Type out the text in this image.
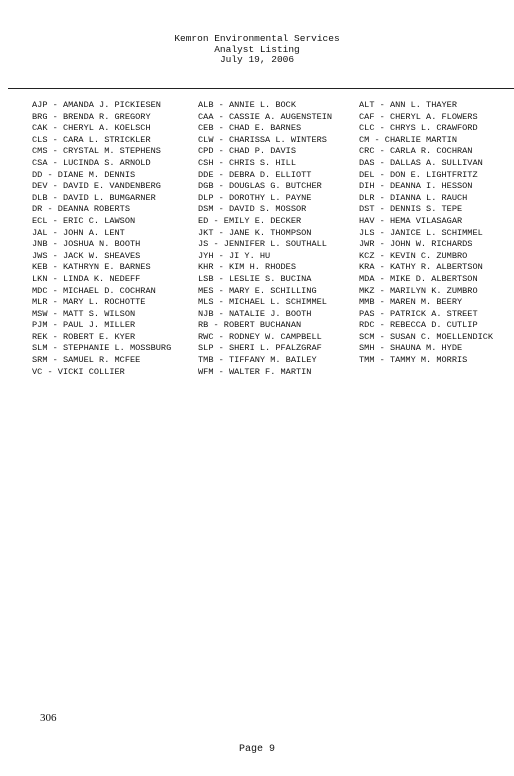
Kemron Environmental Services
Analyst Listing
July 19, 2006
AJP - AMANDA J. PICKIESEN
BRG - BRENDA R. GREGORY
CAK - CHERYL A. KOELSCH
CLS - CARA L. STRICKLER
CMS - CRYSTAL M. STEPHENS
CSA - LUCINDA S. ARNOLD
DD - DIANE M. DENNIS
DEV - DAVID E. VANDENBERG
DLB - DAVID L. BUMGARNER
DR - DEANNA ROBERTS
ECL - ERIC C. LAWSON
JAL - JOHN A. LENT
JNB - JOSHUA N. BOOTH
JWS - JACK W. SHEAVES
KEB - KATHRYN E. BARNES
LKN - LINDA K. NEDEFF
MDC - MICHAEL D. COCHRAN
MLR - MARY L. ROCHOTTE
MSW - MATT S. WILSON
PJM - PAUL J. MILLER
REK - ROBERT E. KYER
SLM - STEPHANIE L. MOSSBURG
SRM - SAMUEL R. MCFEE
VC - VICKI COLLIER
ALB - ANNIE L. BOCK
CAA - CASSIE A. AUGENSTEIN
CEB - CHAD E. BARNES
CLW - CHARISSA L. WINTERS
CPD - CHAD P. DAVIS
CSH - CHRIS S. HILL
DDE - DEBRA D. ELLIOTT
DGB - DOUGLAS G. BUTCHER
DLP - DOROTHY L. PAYNE
DSM - DAVID S. MOSSOR
ED - EMILY E. DECKER
JKT - JANE K. THOMPSON
JS - JENNIFER L. SOUTHALL
JYH - JI Y. HU
KHR - KIM H. RHODES
LSB - LESLIE S. BUCINA
MES - MARY E. SCHILLING
MLS - MICHAEL L. SCHIMMEL
NJB - NATALIE J. BOOTH
RB - ROBERT BUCHANAN
RWC - RODNEY W. CAMPBELL
SLP - SHERI L. PFALZGRAF
TMB - TIFFANY M. BAILEY
WFM - WALTER F. MARTIN
ALT - ANN L. THAYER
CAF - CHERYL A. FLOWERS
CLC - CHRYS L. CRAWFORD
CM - CHARLIE MARTIN
CRC - CARLA R. COCHRAN
DAS - DALLAS A. SULLIVAN
DEL - DON E. LIGHTFRITZ
DIH - DEANNA I. HESSON
DLR - DIANNA L. RAUCH
DST - DENNIS S. TEPE
HAV - HEMA VILASAGAR
JLS - JANICE L. SCHIMMEL
JWR - JOHN W. RICHARDS
KCZ - KEVIN C. ZUMBRO
KRA - KATHY R. ALBERTSON
MDA - MIKE D. ALBERTSON
MKZ - MARILYN K. ZUMBRO
MMB - MAREN M. BEERY
PAS - PATRICK A. STREET
RDC - REBECCA D. CUTLIP
SCM - SUSAN C. MOELLENDICK
SMH - SHAUNA M. HYDE
TMM - TAMMY M. MORRIS
306
Page 9
